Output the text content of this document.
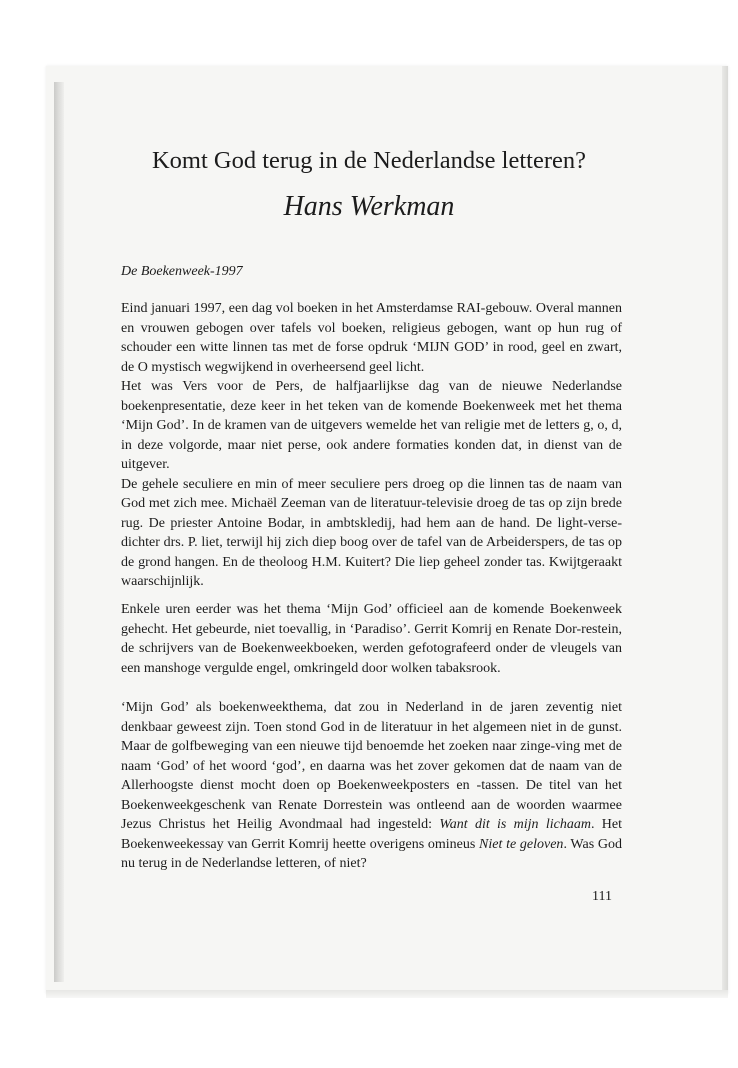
Komt God terug in de Nederlandse letteren?
Hans Werkman
De Boekenweek-1997

Eind januari 1997, een dag vol boeken in het Amsterdamse RAI-gebouw. Overal mannen en vrouwen gebogen over tafels vol boeken, religieus gebogen, want op hun rug of schouder een witte linnen tas met de forse opdruk ‘MIJN GOD’ in rood, geel en zwart, de O mystisch wegwijkend in overheersend geel licht.

Het was Vers voor de Pers, de halfjaarlijkse dag van de nieuwe Nederlandse boekenpresentatie, deze keer in het teken van de komende Boekenweek met het thema ‘Mijn God’. In de kramen van de uitgevers wemelde het van religie met de letters g, o, d, in deze volgorde, maar niet perse, ook andere formaties konden dat, in dienst van de uitgever.

De gehele seculiere en min of meer seculiere pers droeg op die linnen tas de naam van God met zich mee. Michaël Zeeman van de literatuur-televisie droeg de tas op zijn brede rug. De priester Antoine Bodar, in ambtskledij, had hem aan de hand. De light-verse-dichter drs. P. liet, terwijl hij zich diep boog over de tafel van de Arbeiderspers, de tas op de grond hangen. En de theoloog H.M. Kuitert? Die liep geheel zonder tas. Kwijtgeraakt waarschijnlijk.

Enkele uren eerder was het thema ‘Mijn God’ officieel aan de komende Boekenweek gehecht. Het gebeurde, niet toevallig, in ‘Paradiso’. Gerrit Komrij en Renate Dor-restein, de schrijvers van de Boekenweekboeken, werden gefotografeerd onder de vleugels van een manshoge vergulde engel, omkringeld door wolken tabaksrook.

‘Mijn God’ als boekenweekthema, dat zou in Nederland in de jaren zeventig niet denkbaar geweest zijn. Toen stond God in de literatuur in het algemeen niet in de gunst. Maar de golfbeweging van een nieuwe tijd benoemde het zoeken naar zinge-ving met de naam ‘God’ of het woord ‘god’, en daarna was het zover gekomen dat de naam van de Allerhoogste dienst mocht doen op Boekenweekposters en -tassen. De titel van het Boekenweekgeschenk van Renate Dorrestein was ontleend aan de woorden waarmee Jezus Christus het Heilig Avondmaal had ingesteld: Want dit is mijn lichaam. Het Boekenweekessay van Gerrit Komrij heette overigens omineus Niet te geloven. Was God nu terug in de Nederlandse letteren, of niet?

111
